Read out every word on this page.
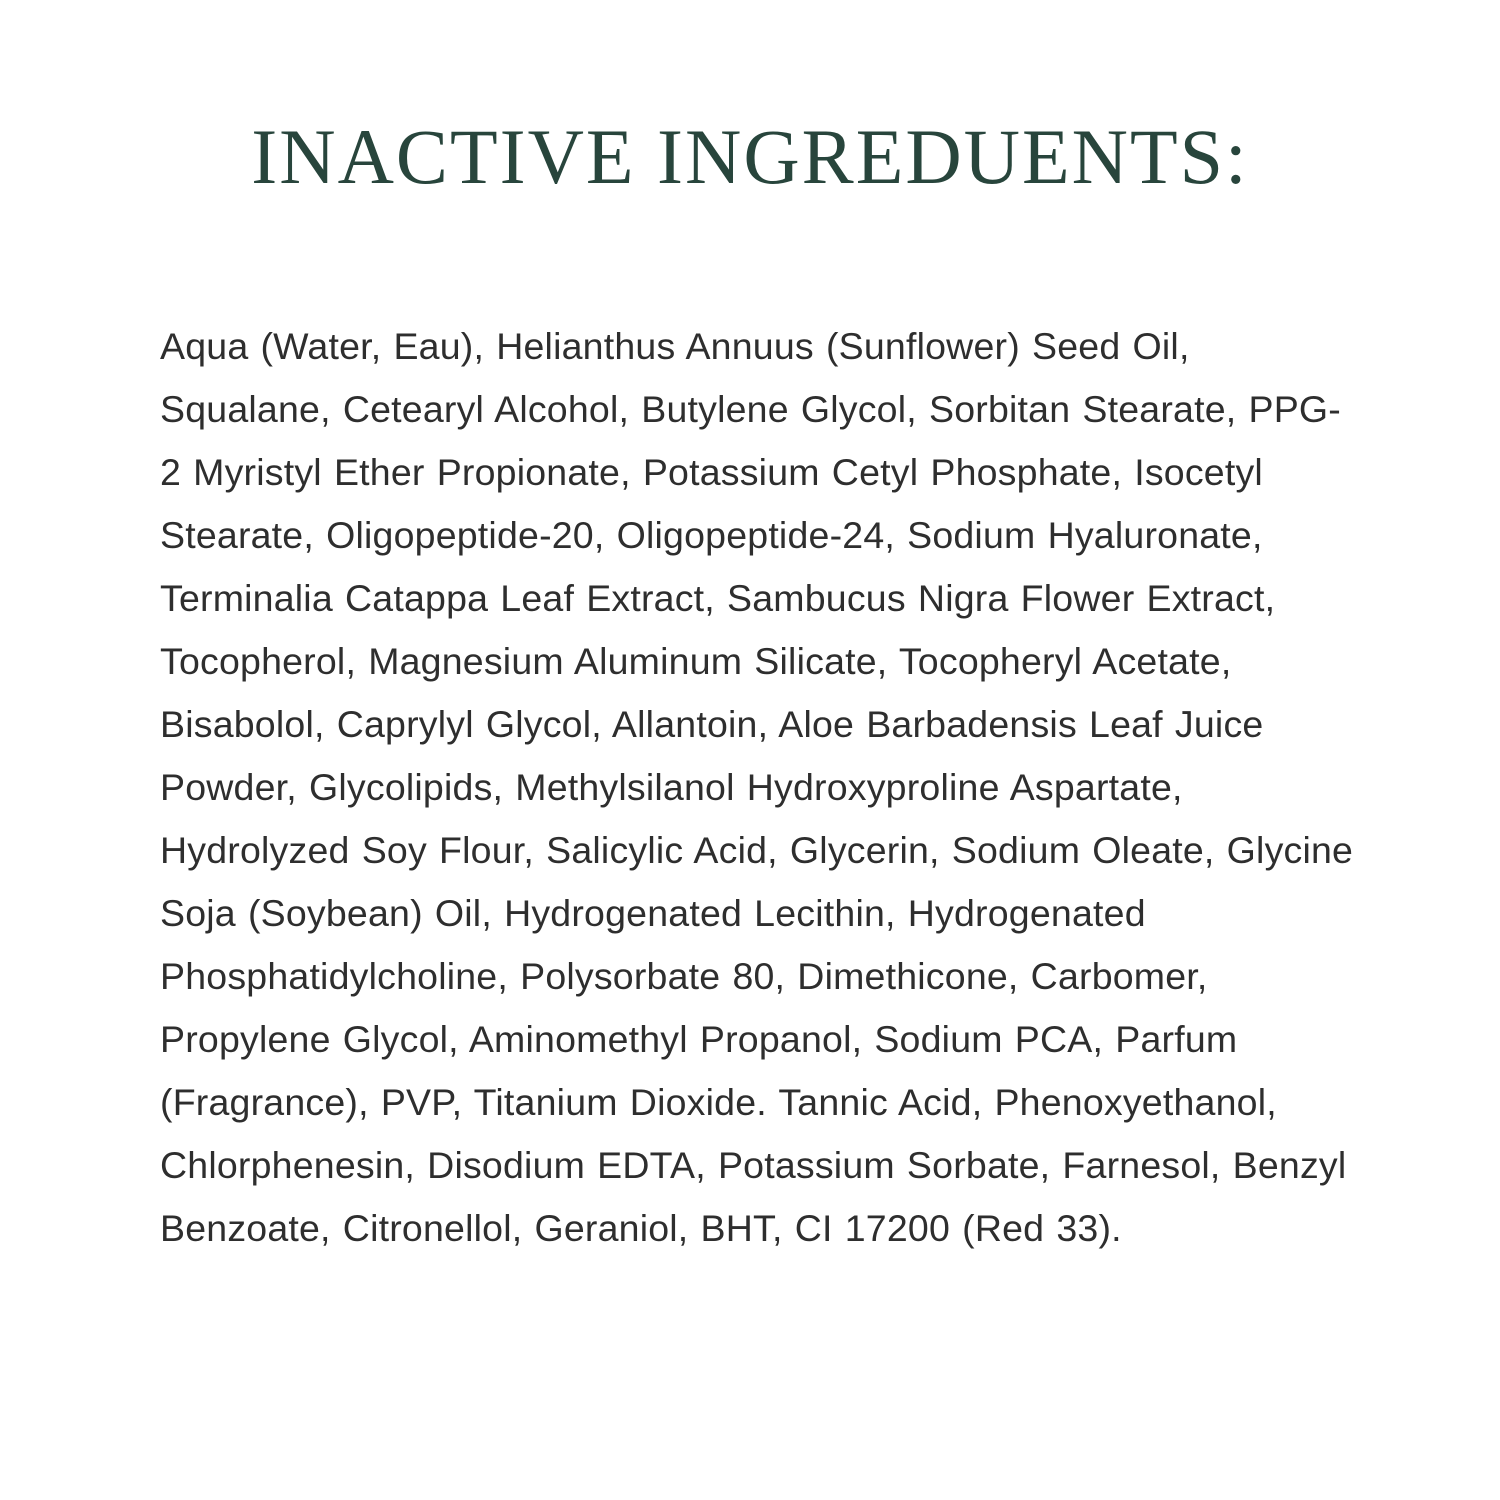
INACTIVE INGREDUENTS:
Aqua (Water, Eau), Helianthus Annuus (Sunflower) Seed Oil, Squalane, Cetearyl Alcohol, Butylene Glycol, Sorbitan Stearate, PPG-2 Myristyl Ether Propionate, Potassium Cetyl Phosphate, Isocetyl Stearate, Oligopeptide-20, Oligopeptide-24, Sodium Hyaluronate, Terminalia Catappa Leaf Extract, Sambucus Nigra Flower Extract, Tocopherol, Magnesium Aluminum Silicate, Tocopheryl Acetate, Bisabolol, Caprylyl Glycol, Allantoin, Aloe Barbadensis Leaf Juice Powder, Glycolipids, Methylsilanol Hydroxyproline Aspartate, Hydrolyzed Soy Flour, Salicylic Acid, Glycerin, Sodium Oleate, Glycine Soja (Soybean) Oil, Hydrogenated Lecithin, Hydrogenated Phosphatidylcholine, Polysorbate 80, Dimethicone, Carbomer, Propylene Glycol, Aminomethyl Propanol, Sodium PCA, Parfum (Fragrance), PVP, Titanium Dioxide. Tannic Acid, Phenoxyethanol, Chlorphenesin, Disodium EDTA, Potassium Sorbate, Farnesol, Benzyl Benzoate, Citronellol, Geraniol, BHT, CI 17200 (Red 33).
